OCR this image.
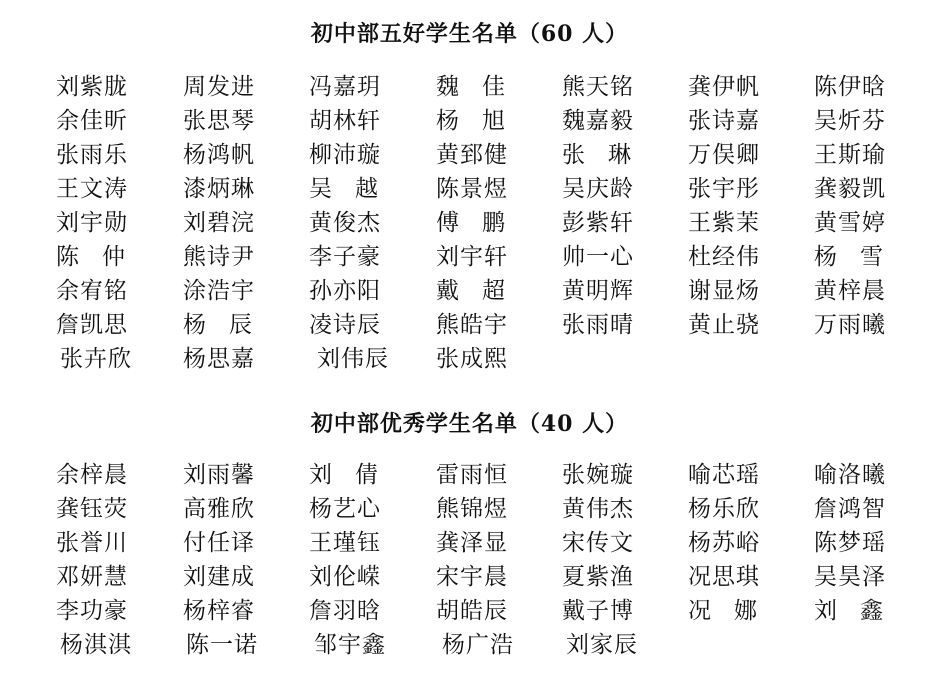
初中部五好学生名单（60 人）
刘紫胧	周发进	冯嘉玥	魏　佳	熊天铭	龚伊帆	陈伊晗
余佳昕	张思琴	胡林轩	杨　旭	魏嘉毅	张诗嘉	吴炘芬
张雨乐	杨鸿帆	柳沛璇	黄郅健	张　琳	万俣卿	王斯瑜
王文涛	漆炳琳	吴　越	陈景煜	吴庆龄	张宇彤	龚毅凯
刘宇勋	刘碧浣	黄俊杰	傅　鹏	彭紫轩	王紫茉	黄雪婷
陈　仲	熊诗尹	李子豪	刘宇轩	帅一心	杜经伟	杨　雪
余宥铭	涂浩宇	孙亦阳	戴　超	黄明辉	谢显炀	黄梓晨
詹凯思	杨　辰	凌诗辰	熊皓宇	张雨晴	黄止骁	万雨曦
张卉欣	杨思嘉	刘伟辰	张成熙
初中部优秀学生名单（40 人）
余梓晨	刘雨馨	刘　倩	雷雨恒	张婉璇	喻芯瑶	喻洛曦
龚钰荧	高雅欣	杨艺心	熊锦煜	黄伟杰	杨乐欣	詹鸿智
张誉川	付任译	王瑾钰	龚泽显	宋传文	杨苏峪	陈梦瑶
邓妍慧	刘建成	刘伦嵘	宋宇晨	夏紫渔	况思琪	吴昊泽
李功豪	杨梓睿	詹羽晗	胡皓辰	戴子博	况　娜	刘　鑫
杨淇淇	陈一诺	邹宇鑫	杨广浩	刘家辰
